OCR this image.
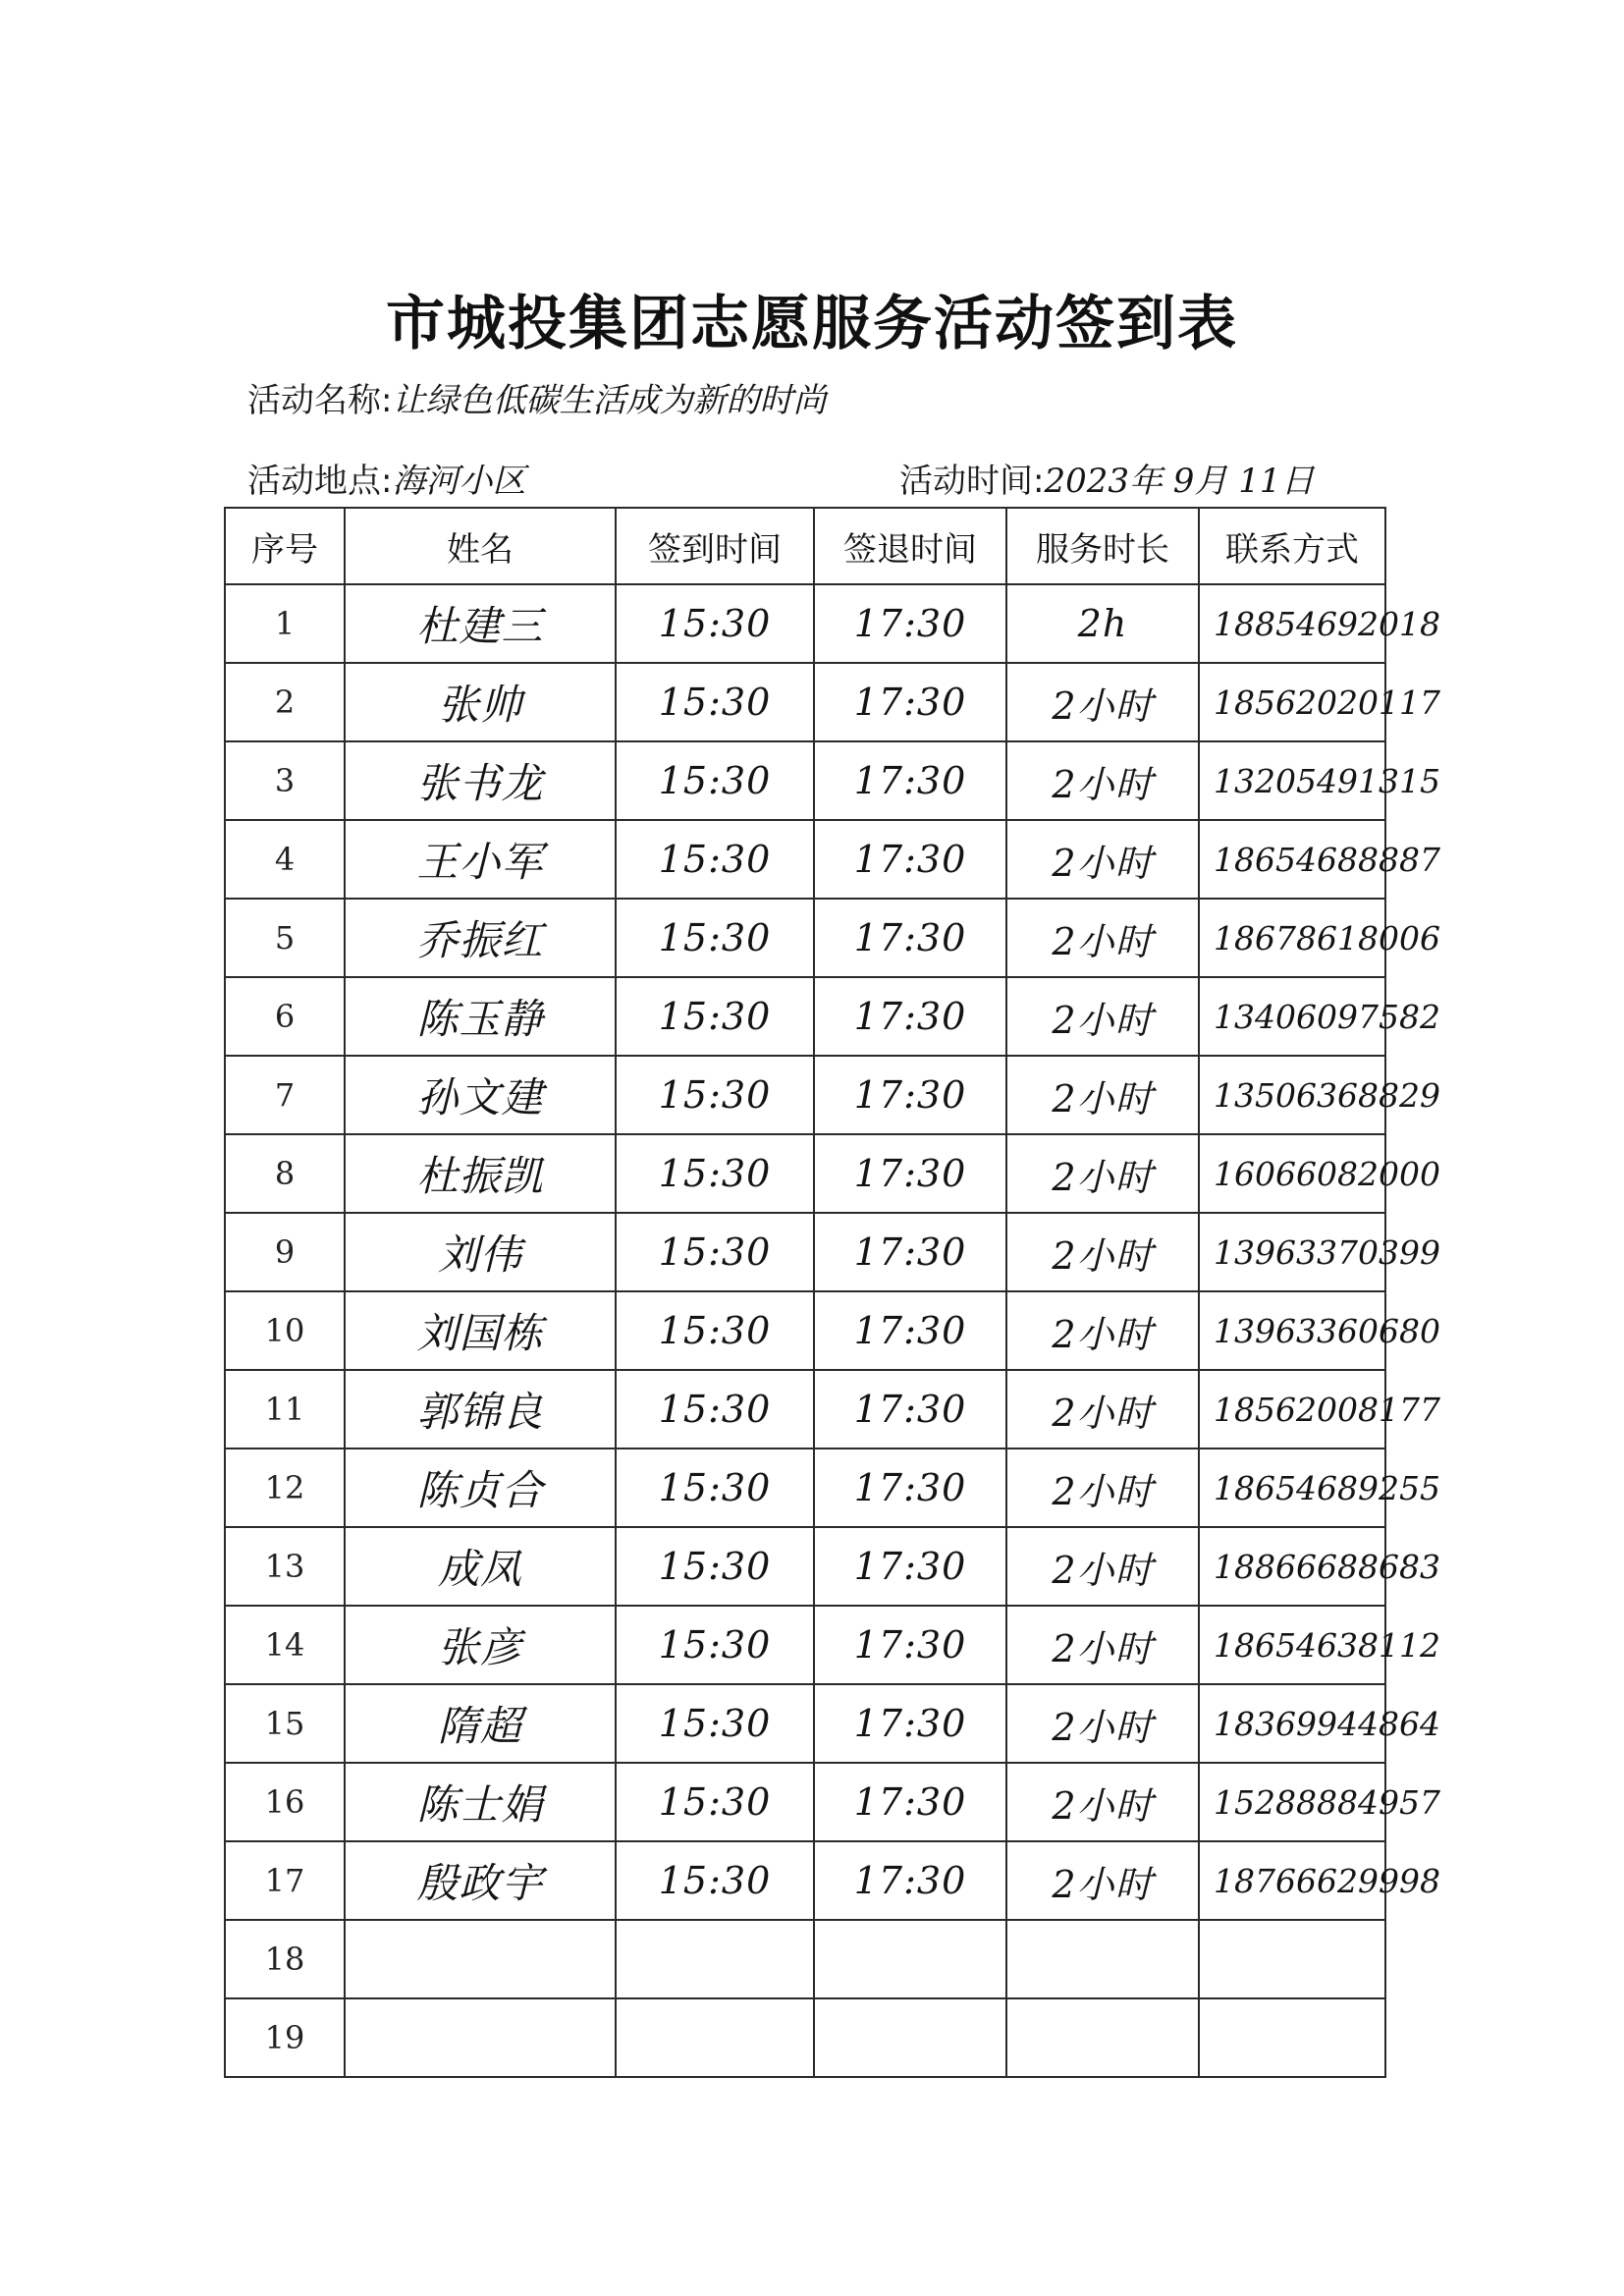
市城投集团志愿服务活动签到表
活动名称:让绿色低碳生活成为新的时尚
活动地点:海河小区	活动时间:2023年 9月 11日
序号	姓名	签到时间	签退时间	服务时长	联系方式
1	杜建三	15:30	17:30	2h	18854692018
2	张帅	15:30	17:30	2小时	18562020117
3	张书龙	15:30	17:30	2小时	13205491315
4	王小军	15:30	17:30	2小时	18654688887
5	乔振红	15:30	17:30	2小时	18678618006
6	陈玉静	15:30	17:30	2小时	13406097582
7	孙文建	15:30	17:30	2小时	13506368829
8	杜振凯	15:30	17:30	2小时	16066082000
9	刘伟	15:30	17:30	2小时	13963370399
10	刘国栋	15:30	17:30	2小时	13963360680
11	郭锦良	15:30	17:30	2小时	18562008177
12	陈贞合	15:30	17:30	2小时	18654689255
13	成凤	15:30	17:30	2小时	18866688683
14	张彦	15:30	17:30	2小时	18654638112
15	隋超	15:30	17:30	2小时	18369944864
16	陈士娟	15:30	17:30	2小时	15288884957
17	殷政宇	15:30	17:30	2小时	18766629998
18					
19					
